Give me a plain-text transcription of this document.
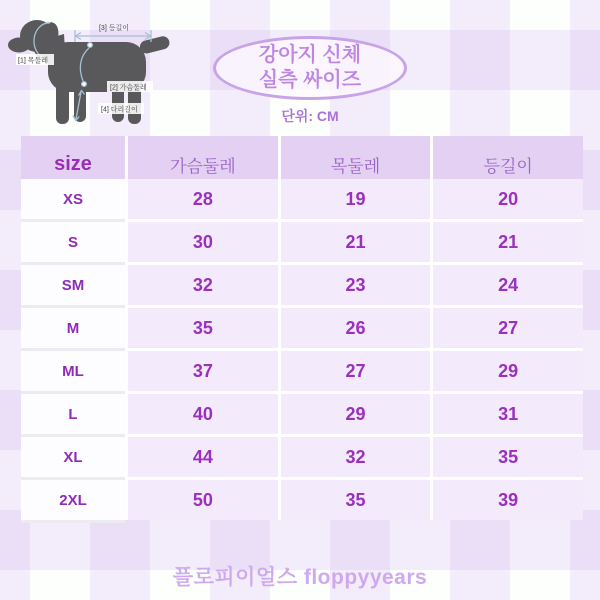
[3] 등길이
[1] 목둘레
[2] 가슴둘레
[4] 다리길이
강아지 신체
실측 싸이즈
단위: CM
size	가슴둘레	목둘레	등길이
XS	28	19	20
S	30	21	21
SM	32	23	24
M	35	26	27
ML	37	27	29
L	40	29	31
XL	44	32	35
2XL	50	35	39
플로피이얼스 floppyyears
